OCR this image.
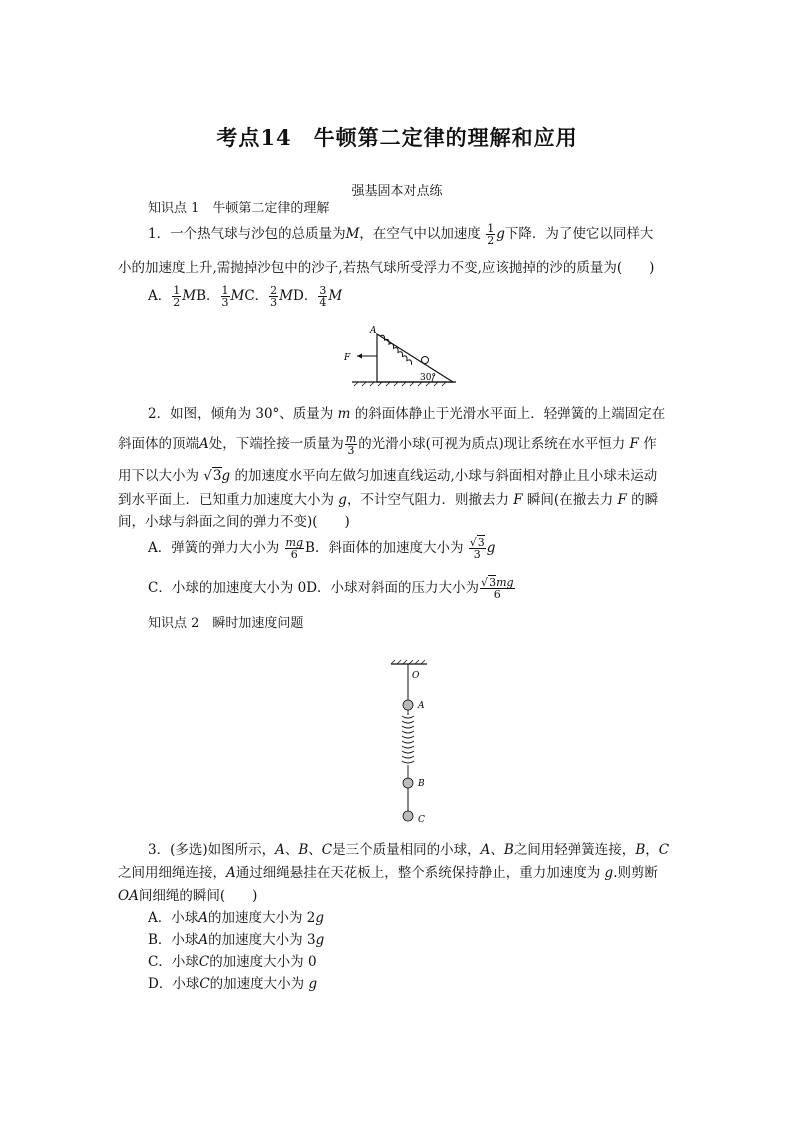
考点14　牛顿第二定律的理解和应用
强基固本对点练
知识点 1　牛顿第二定律的理解
1．一个热气球与沙包的总质量为M，在空气中以加速度 $\frac{1}{2}$ g下降．为了使它以同样大
小的加速度上升,需抛掉沙包中的沙子,若热气球所受浮力不变,应该抛掉的沙的质量为(　　)
A． $\frac{1}{2}$ MB． $\frac{1}{3}$ MC． $\frac{2}{3}$ MD． $\frac{3}{4}$ M
A
F
30°
2．如图，倾角为 30°、质量为 m 的斜面体静止于光滑水平面上．轻弹簧的上端固定在
斜面体的顶端A处，下端拴接一质量为 $\frac{m}{3}$ 的光滑小球(可视为质点)现让系统在水平恒力 F 作
用下以大小为 √3g 的加速度水平向左做匀加速直线运动,小球与斜面相对静止且小球未运动
到水平面上．已知重力加速度大小为 g，不计空气阻力．则撤去力 F 瞬间(在撤去力 F 的瞬
间，小球与斜面之间的弹力不变)(　　)
A．弹簧的弹力大小为 $\frac{mg}{6}$ B．斜面体的加速度大小为 $\frac{√3}{3}$ g
C．小球的加速度大小为 0D．小球对斜面的压力大小为 $\frac{√3mg}{6}$
知识点 2　瞬时加速度问题
O
A
B
C
3．(多选)如图所示，A、B、C是三个质量相同的小球，A、B之间用轻弹簧连接，B，C
之间用细绳连接，A通过细绳悬挂在天花板上，整个系统保持静止，重力加速度为 g.则剪断
OA间细绳的瞬间(　　)
A．小球A的加速度大小为 2g
B．小球A的加速度大小为 3g
C．小球C的加速度大小为 0
D．小球C的加速度大小为 g
